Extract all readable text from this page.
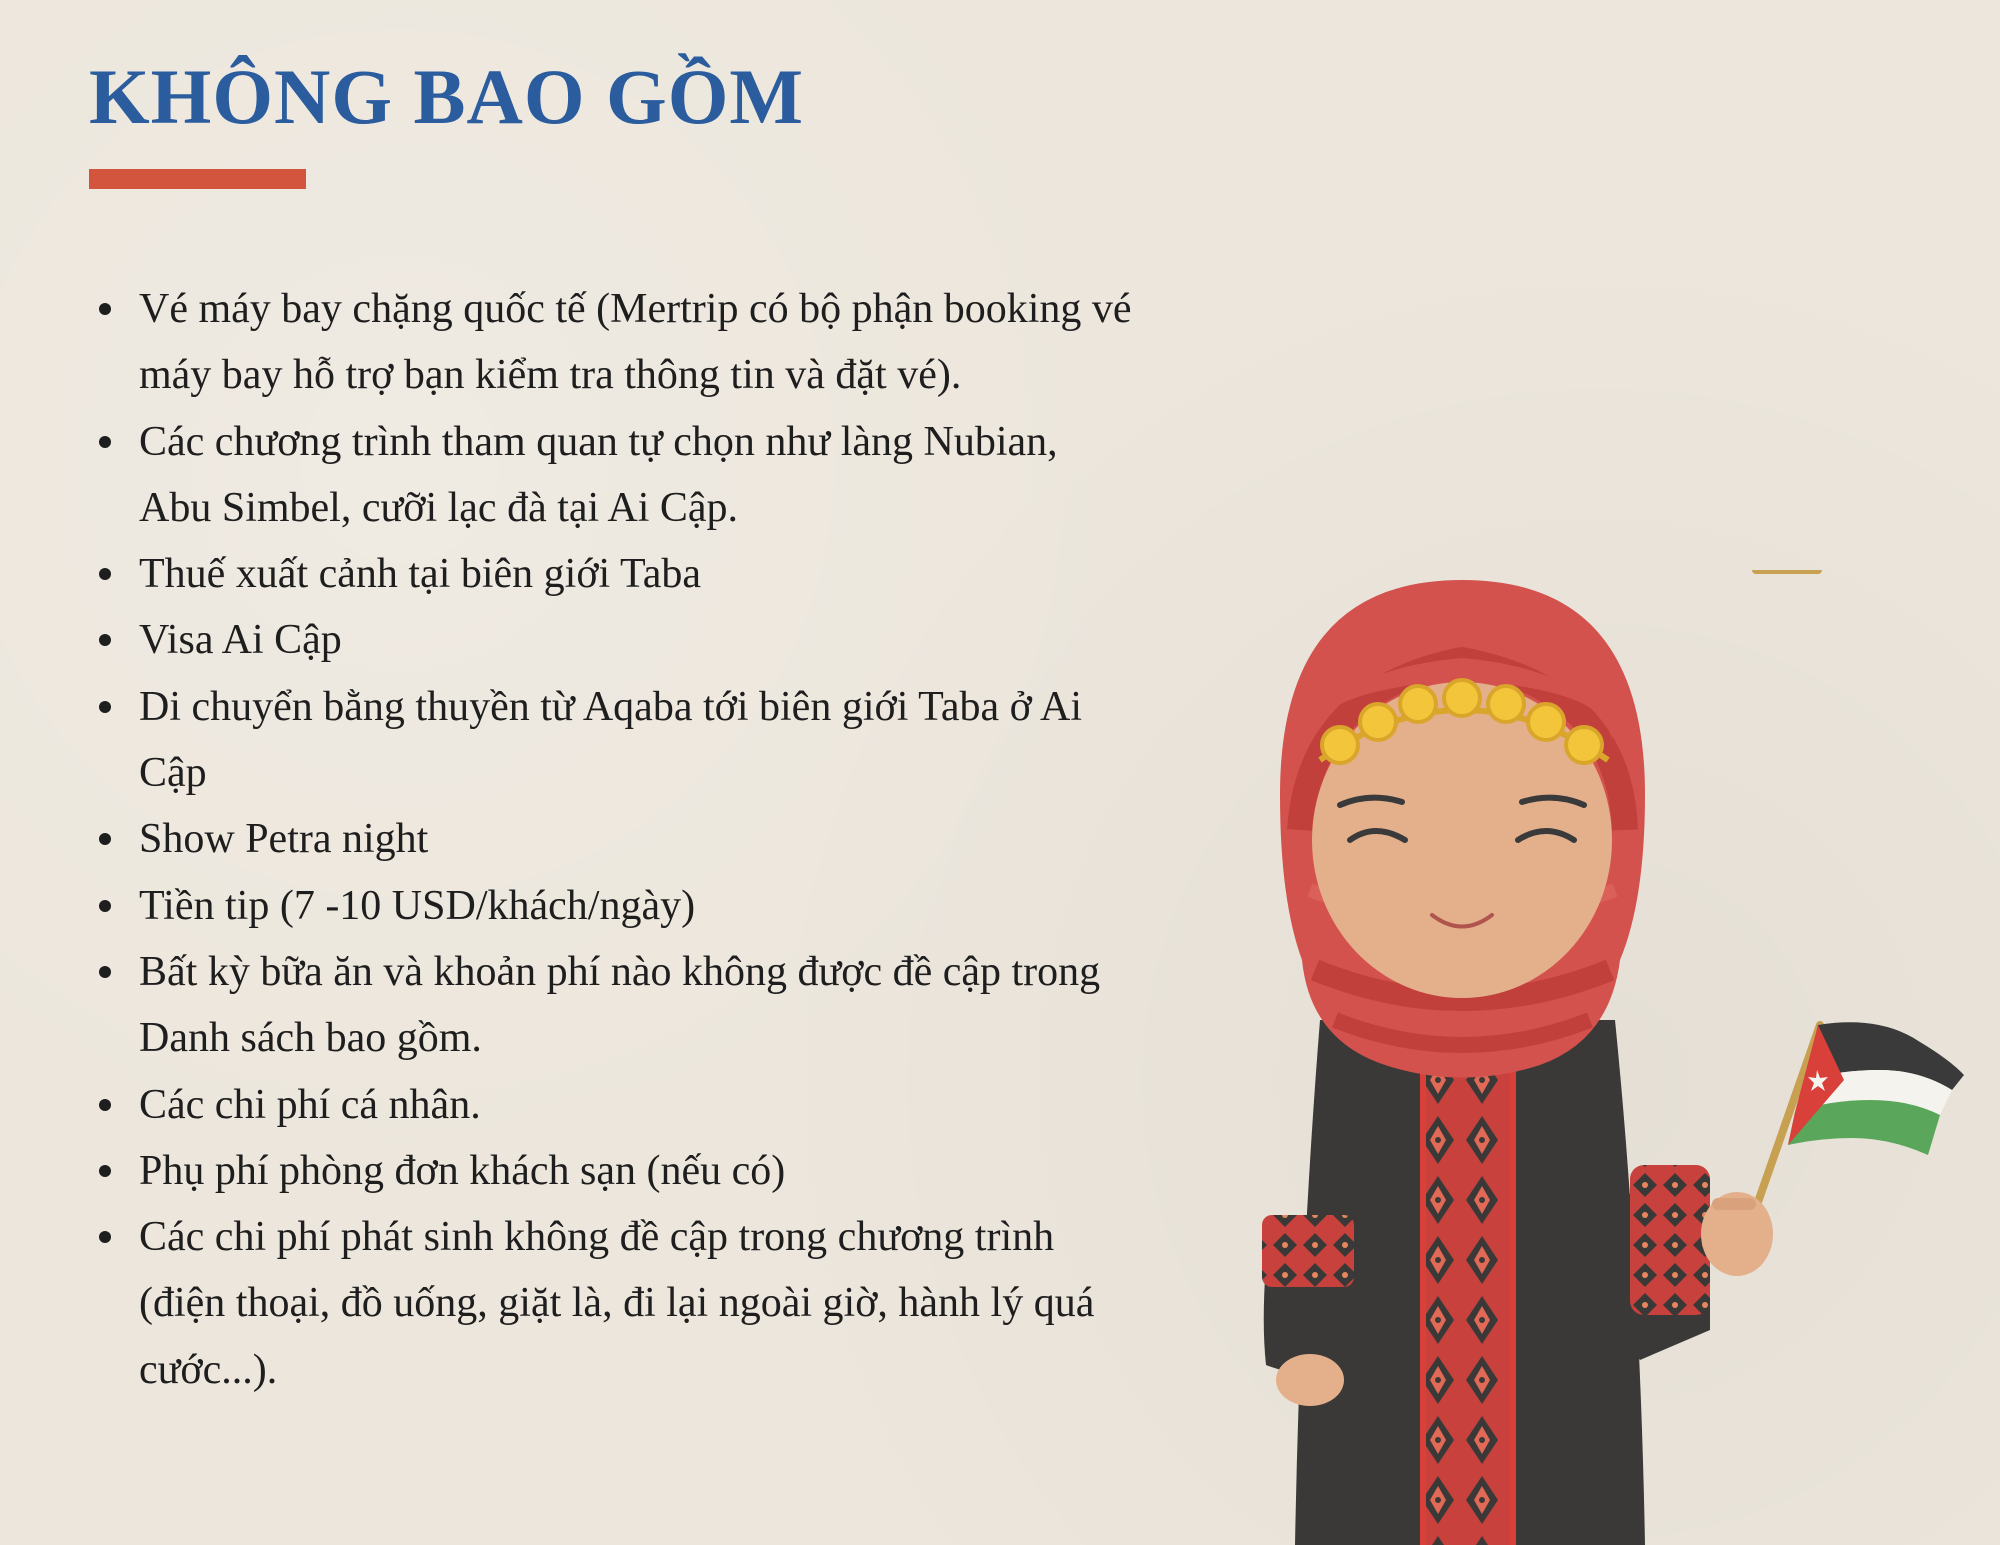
KHÔNG BAO GỒM
Vé máy bay chặng quốc tế (Mertrip có bộ phận booking vé máy bay hỗ trợ bạn kiểm tra thông tin và đặt vé).
Các chương trình tham quan tự chọn như làng Nubian, Abu Simbel, cưỡi lạc đà tại Ai Cập.
Thuế xuất cảnh tại biên giới Taba
Visa Ai Cập
Di chuyển bằng thuyền từ Aqaba tới biên giới Taba ở Ai Cập
Show Petra night
Tiền tip (7 -10 USD/khách/ngày)
Bất kỳ bữa ăn và khoản phí nào không được đề cập trong Danh sách bao gồm.
Các chi phí cá nhân.
Phụ phí phòng đơn khách sạn (nếu có)
Các chi phí phát sinh không đề cập trong chương trình (điện thoại, đồ uống, giặt là, đi lại ngoài giờ, hành lý quá cước...).
